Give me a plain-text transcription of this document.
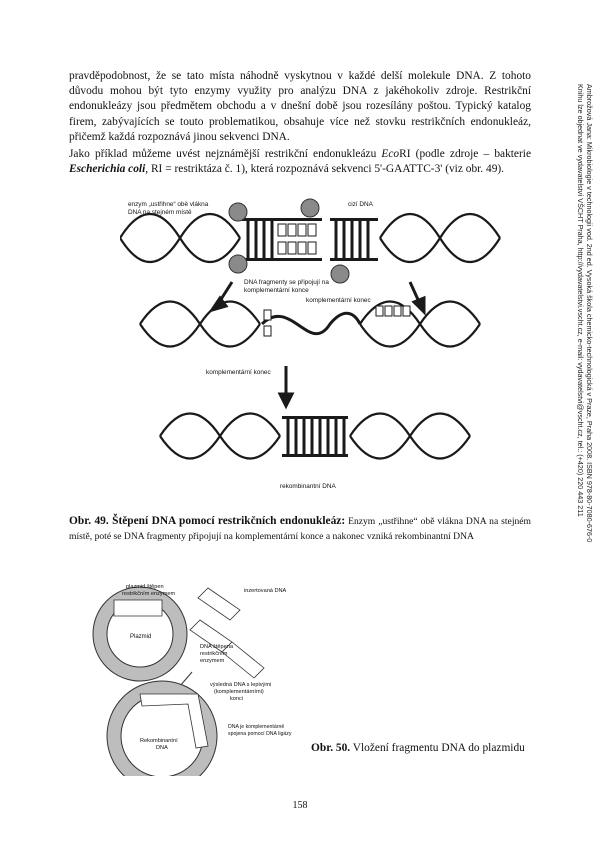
pravděpodobnost, že se tato místa náhodně vyskytnou v každé delší molekule DNA. Z tohoto důvodu mohou být tyto enzymy využity pro analýzu DNA z jakéhokoliv zdroje. Restrikční endonukleázy jsou předmětem obchodu a v dnešní době jsou rozesílány poštou. Typický katalog firem, zabývajících se touto problematikou, obsahuje více než stovku restrikčních endonukleáz, přičemž každá rozpoznává jinou sekvenci DNA.

Jako příklad můžeme uvést nejznámější restrikční endonukleázu EcoRI (podle zdroje – bakterie Escherichia coli, RI = restriktáza č. 1), která rozpoznává sekvenci 5'-GAATTC-3' (viz obr. 49).

enzym „ustřihne“ obě vlákna
DNA na stejném místě
cizí DNA
DNA fragmenty se připojují na
komplementární konce
komplementární konec
komplementární konec
rekombinantní DNA

Obr. 49. Štěpení DNA pomocí restrikčních endonukleáz: Enzym „ustřihne“ obě vlákna DNA na stejném místě, poté se DNA fragmenty připojují na komplementární konce a nakonec vzniká rekombinantní DNA

plazmid štěpen
restrikčním enzymem
Plazmid
inzertovaná DNA
DNA štěpena
restrikčním
enzymem
výsledná DNA s lepivými
(komplementárními)
konci
Rekombinantní
DNA
DNA je komplementárně
spojena pomocí DNA ligázy

Obr. 50. Vložení fragmentu DNA do plazmidu

158
Ambrožová Jana: Mikrobiologie v technologii vod. 2nd ed. Vysoká škola chemicko-technologická v Praze, Praha 2008. ISBN 978-80-7080-676-0
Knihu lze objednat ve vydavatelství VŠCHT Praha, http://vydavatelstvi.vscht.cz, e-mail: vydavatelstvi@vscht.cz, tel.: (+420) 220 443 211
